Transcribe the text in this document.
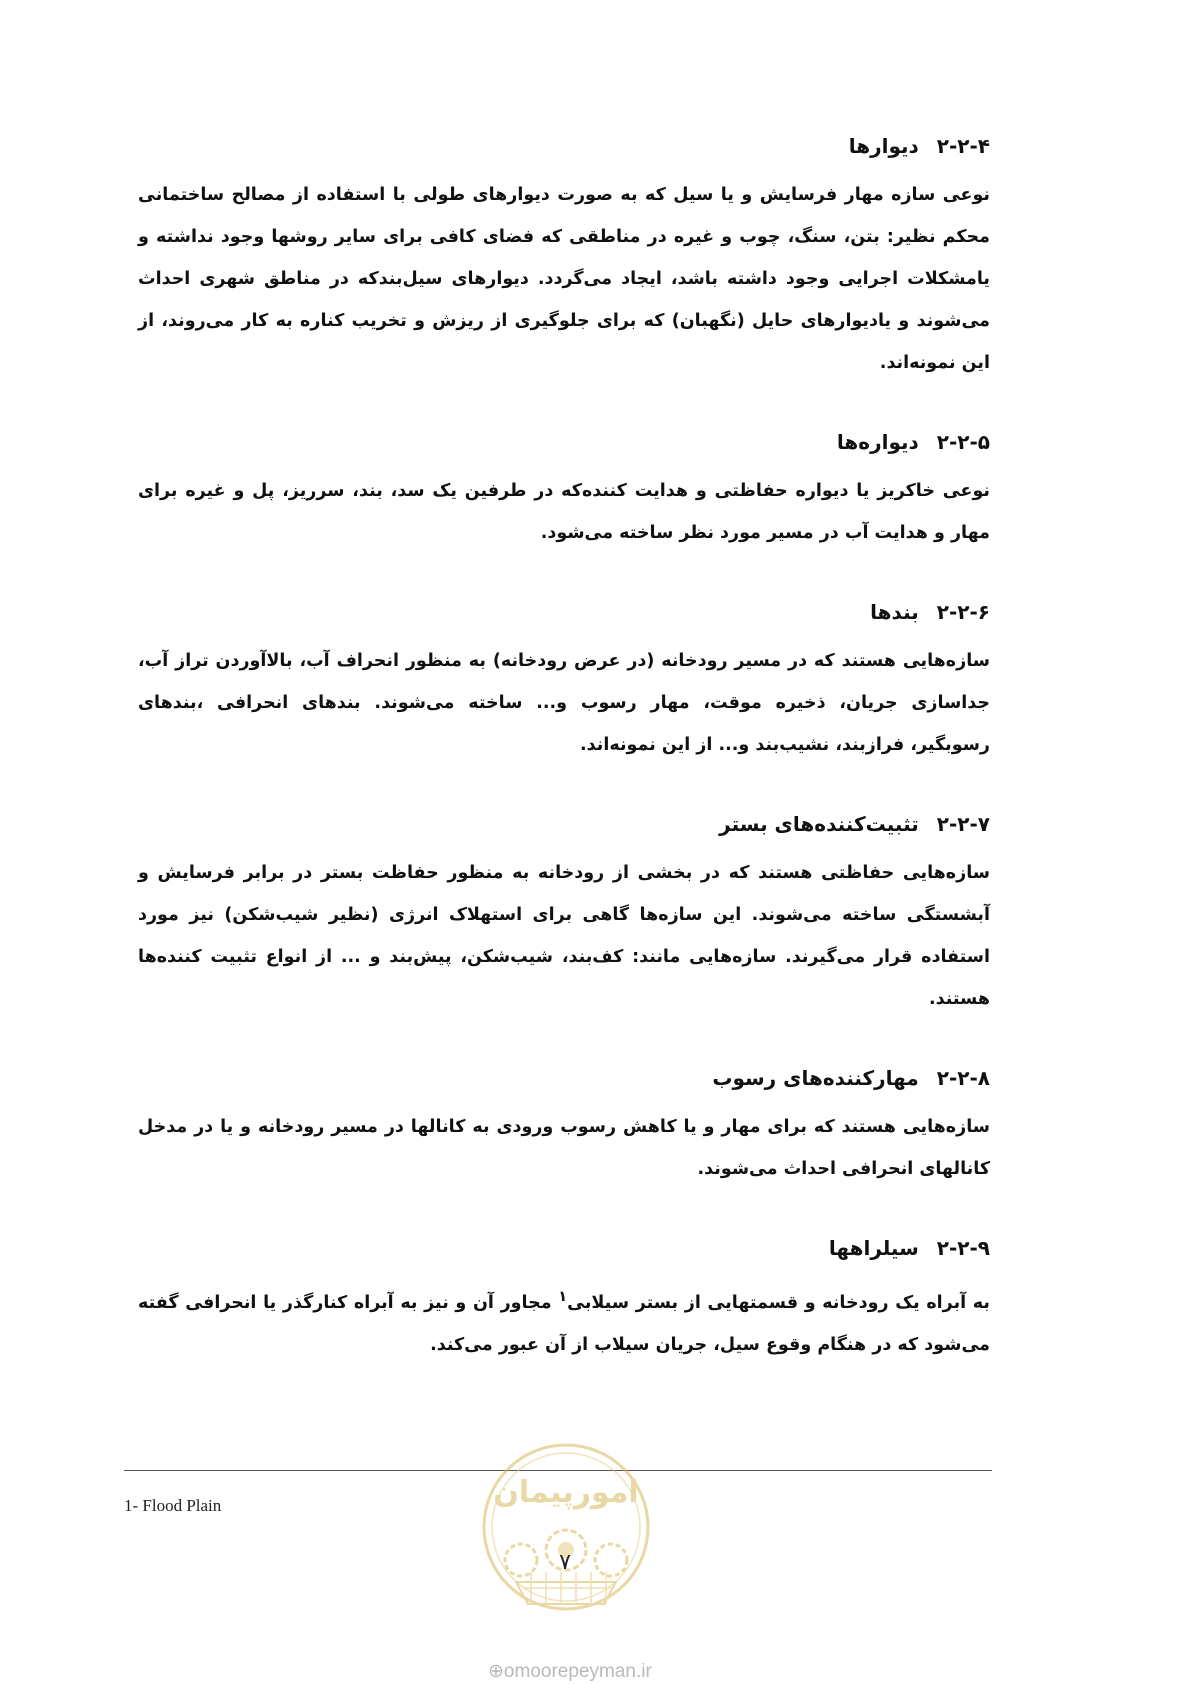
۲-۲-۴دیوارها

نوعی سازه مهار فرسایش و یا سیل که به صورت دیوارهای طولی با استفاده از مصالح ساختمانی محکم نظیر: بتن، سنگ، چوب و غیره در مناطقی که فضای کافی برای سایر روشها وجود نداشته و یامشکلات اجرایی وجود داشته باشد، ایجاد می‌گردد. دیوارهای سیل‌بندکه در مناطق شهری احداث می‌شوند و یادیوارهای حایل (نگهبان) که برای جلوگیری از ریزش و تخریب کناره به کار می‌روند، از این نمونه‌اند.

۲-۲-۵دیواره‌ها

نوعی خاکریز یا دیواره حفاظتی و هدایت کننده‌که در طرفین یک سد، بند، سرریز، پل و غیره برای مهار و هدایت آب در مسیر مورد نظر ساخته می‌شود.

۲-۲-۶بندها

سازه‌هایی هستند که در مسیر رودخانه (در عرض رودخانه) به منظور انحراف آب، بالاآوردن تراز آب، جداسازی جریان، ذخیره موقت، مهار رسوب و... ساخته می‌شوند. بندهای انحرافی ،بندهای رسوبگیر، فرازبند، نشیب‌بند و... از این نمونه‌اند.

۲-۲-۷تثبیت‌کننده‌های بستر

سازه‌هایی حفاظتی هستند که در بخشی از رودخانه به منظور حفاظت بستر در برابر فرسایش و آبشستگی ساخته می‌شوند. این سازه‌ها گاهی برای استهلاک انرژی (نظیر شیب‌شکن) نیز مورد استفاده قرار می‌گیرند. سازه‌هایی مانند: کف‌بند، شیب‌شکن، پیش‌بند و ... از انواع تثبیت کننده‌ها هستند.

۲-۲-۸مهارکننده‌های رسوب

سازه‌هایی هستند که برای مهار و یا کاهش رسوب ورودی به کانالها در مسیر رودخانه و یا در مدخل کانالهای انحرافی احداث می‌شوند.

۲-۲-۹سیلراهها

به آبراه یک رودخانه و قسمتهایی از بستر سیلابی$^۱$ مجاور آن و نیز به آبراه کنارگذر یا انحرافی گفته می‌شود که در هنگام وقوع سیل، جریان سیلاب از آن عبور می‌کند.

1- Flood Plain	امورپیمان
۷
⊕omoorepeyman.ir
